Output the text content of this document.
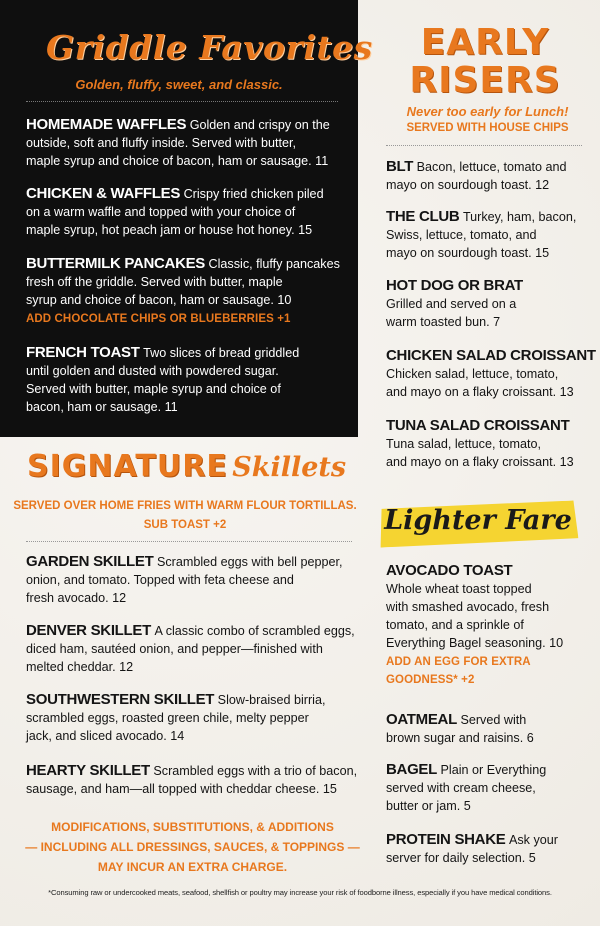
Griddle Favorites
Golden, fluffy, sweet, and classic.
HOMEMADE WAFFLES Golden and crispy on the
outside, soft and fluffy inside. Served with butter,
maple syrup and choice of bacon, ham or sausage. 11
CHICKEN & WAFFLES Crispy fried chicken piled
on a warm waffle and topped with your choice of
maple syrup, hot peach jam or house hot honey. 15
BUTTERMILK PANCAKES Classic, fluffy pancakes
fresh off the griddle. Served with butter, maple
syrup and choice of bacon, ham or sausage. 10
ADD CHOCOLATE CHIPS OR BLUEBERRIES +1
FRENCH TOAST Two slices of bread griddled
until golden and dusted with powdered sugar.
Served with butter, maple syrup and choice of
bacon, ham or sausage. 11
EARLY
RISERS
Never too early for Lunch!
SERVED WITH HOUSE CHIPS
BLT Bacon, lettuce, tomato and
mayo on sourdough toast. 12
THE CLUB Turkey, ham, bacon,
Swiss, lettuce, tomato, and
mayo on sourdough toast. 15
HOT DOG OR BRAT
Grilled and served on a
warm toasted bun. 7
CHICKEN SALAD CROISSANT
Chicken salad, lettuce, tomato,
and mayo on a flaky croissant. 13
TUNA SALAD CROISSANT
Tuna salad, lettuce, tomato,
and mayo on a flaky croissant. 13
SIGNATURE Skillets
SERVED OVER HOME FRIES WITH WARM FLOUR TORTILLAS.
SUB TOAST +2
GARDEN SKILLET Scrambled eggs with bell pepper,
onion, and tomato. Topped with feta cheese and
fresh avocado. 12
DENVER SKILLET A classic combo of scrambled eggs,
diced ham, sautéed onion, and pepper—finished with
melted cheddar. 12
SOUTHWESTERN SKILLET Slow-braised birria,
scrambled eggs, roasted green chile, melty pepper
jack, and sliced avocado. 14
HEARTY SKILLET Scrambled eggs with a trio of bacon,
sausage, and ham—all topped with cheddar cheese. 15
MODIFICATIONS, SUBSTITUTIONS, & ADDITIONS
— INCLUDING ALL DRESSINGS, SAUCES, & TOPPINGS —
MAY INCUR AN EXTRA CHARGE.
Lighter Fare
AVOCADO TOAST
Whole wheat toast topped
with smashed avocado, fresh
tomato, and a sprinkle of
Everything Bagel seasoning. 10
ADD AN EGG FOR EXTRA
GOODNESS* +2
OATMEAL Served with
brown sugar and raisins. 6
BAGEL Plain or Everything
served with cream cheese,
butter or jam. 5
PROTEIN SHAKE Ask your
server for daily selection. 5
*Consuming raw or undercooked meats, seafood, shellfish or poultry may increase your risk of foodborne illness, especially if you have medical conditions.
